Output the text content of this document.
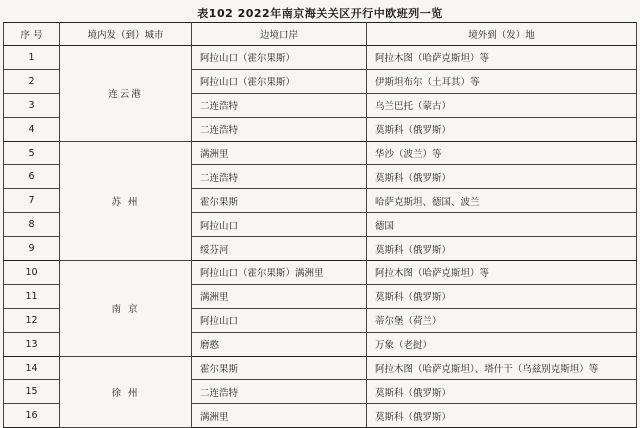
表102 2022年南京海关关区开行中欧班列一览
序 号	境内发（到）城市	边境口岸	境外到（发）地
1	连云港	阿拉山口（霍尔果斯）	阿拉木图（哈萨克斯坦）等
2		阿拉山口（霍尔果斯）	伊斯坦布尔（土耳其）等
3		二连浩特	乌兰巴托（蒙古）
4		二连浩特	莫斯科（俄罗斯）
5	苏 州	满洲里	华沙（波兰）等
6		二连浩特	莫斯科（俄罗斯）
7		霍尔果斯	哈萨克斯坦、德国、波兰
8		阿拉山口	德国
9		绥芬河	莫斯科（俄罗斯）
10	南 京	阿拉山口（霍尔果斯）满洲里	阿拉木图（哈萨克斯坦）等
11		满洲里	莫斯科（俄罗斯）
12		阿拉山口	蒂尔堡（荷兰）
13		磨憨	万象（老挝）
14	徐 州	霍尔果斯	阿拉木图（哈萨克斯坦）、塔什干（乌兹别克斯坦）等
15		二连浩特	莫斯科（俄罗斯）
16		满洲里	莫斯科（俄罗斯）
